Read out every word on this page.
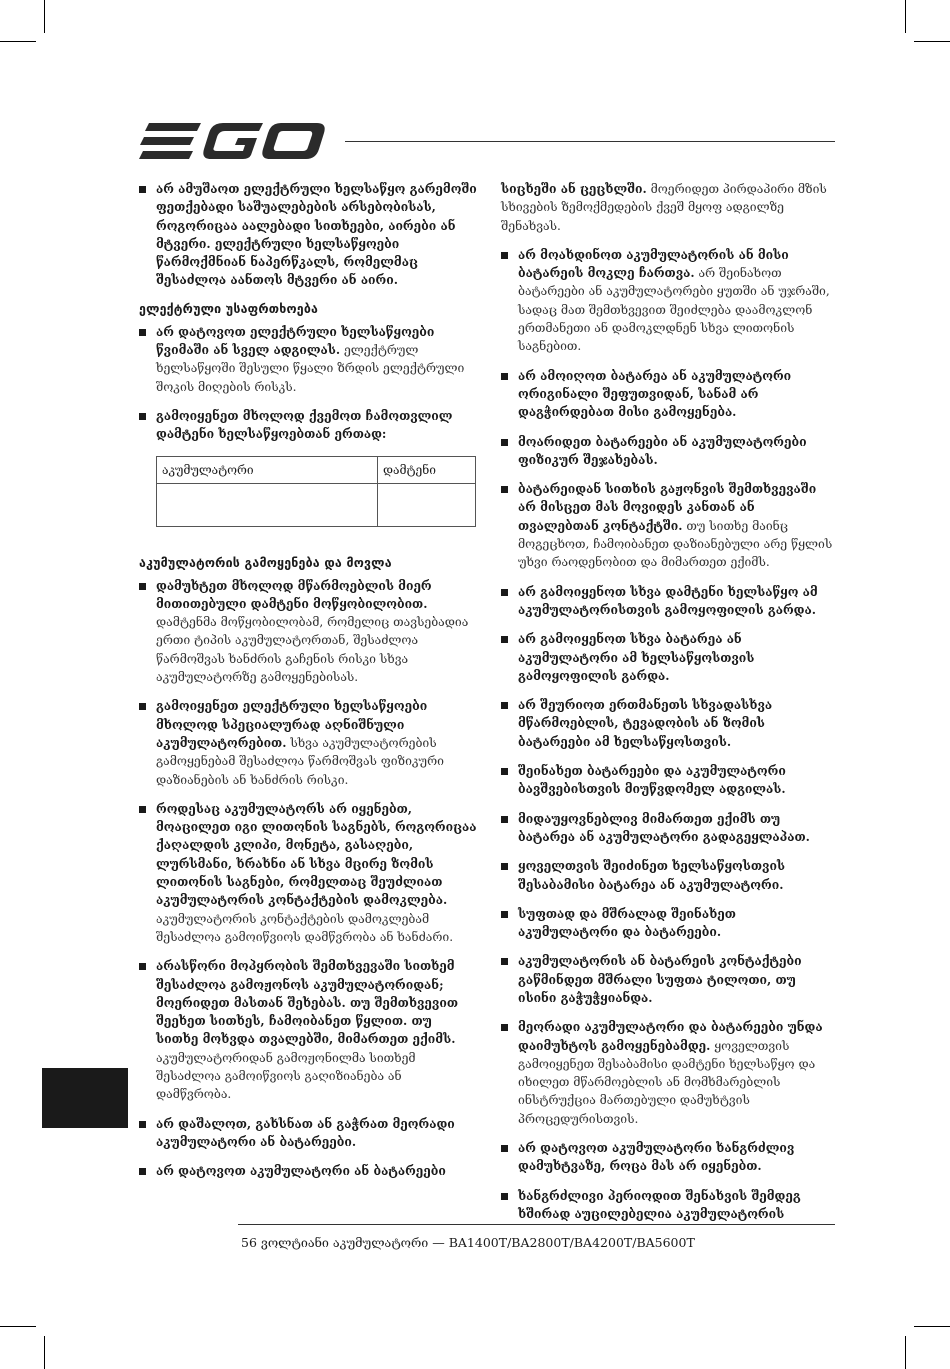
არ ამუშაოთ ელექტრული ხელსაწყო გარემოში ფეთქებადი საშუალებების არსებობისას, როგორიცაა აალებადი სითხეები, აირები ან მტვერი. ელექტრული ხელსაწყოები წარმოქმნიან ნაპერწკალს, რომელმაც შესაძლოა აანთოს მტვერი ან აირი.
ელექტრული უსაფრთხოება
არ დატოვოთ ელექტრული ხელსაწყოები წვიმაში ან სველ ადგილას. ელექტრულ ხელსაწყოში შესული წყალი ზრდის ელექტრული შოკის მიღების რისკს.
გამოიყენეთ მხოლოდ ქვემოთ ჩამოთვლილ დამტენი ხელსაწყოებთან ერთად:
აკუმულატორი	დამტენი

აკუმულატორის გამოყენება და მოვლა
დამუხტეთ მხოლოდ მწარმოებლის მიერ მითითებული დამტენი მოწყობილობით. დამტენმა მოწყობილობამ, რომელიც თავსებადია ერთი ტიპის აკუმულატორთან, შესაძლოა წარმოშვას ხანძრის გაჩენის რისკი სხვა აკუმულატორზე გამოყენებისას.
გამოიყენეთ ელექტრული ხელსაწყოები მხოლოდ სპეციალურად აღნიშნული აკუმულატორებით. სხვა აკუმულატორების გამოყენებამ შესაძლოა წარმოშვას ფიზიკური დაზიანების ან ხანძრის რისკი.
როდესაც აკუმულატორს არ იყენებთ, მოაცილეთ იგი ლითონის საგნებს, როგორიცაა ქაღალდის კლიპი, მონეტა, გასაღები, ლურსმანი, ხრახნი ან სხვა მცირე ზომის ლითონის საგნები, რომელთაც შეუძლიათ აკუმულატორის კონტაქტების დამოკლება. აკუმულატორის კონტაქტების დამოკლებამ შესაძლოა გამოიწვიოს დამწვრობა ან ხანძარი.
არასწორი მოპყრობის შემთხვევაში სითხემ შესაძლოა გამოჟონოს აკუმულატორიდან; მოერიდეთ მასთან შეხებას. თუ შემთხვევით შეეხეთ სითხეს, ჩამოიბანეთ წყლით. თუ სითხე მოხვდა თვალებში, მიმართეთ ექიმს. აკუმულატორიდან გამოჟონილმა სითხემ შესაძლოა გამოიწვიოს გაღიზიანება ან დამწვრობა.
არ დაშალოთ, გახსნათ ან გაჭრათ მეორადი აკუმულატორი ან ბატარეები.
არ დატოვოთ აკუმულატორი ან ბატარეები
სიცხეში ან ცეცხლში. მოერიდეთ პირდაპირი მზის სხივების ზემოქმედების ქვეშ მყოფ ადგილზე შენახვას.
არ მოახდინოთ აკუმულატორის ან მისი ბატარეის მოკლე ჩართვა. არ შეინახოთ ბატარეები ან აკუმულატორები ყუთში ან უჯრაში, სადაც მათ შემთხვევით შეიძლება დაამოკლონ ერთმანეთი ან დამოკლდნენ სხვა ლითონის საგნებით.
არ ამოიღოთ ბატარეა ან აკუმულატორი ორიგინალი შეფუთვიდან, სანამ არ დაგჭირდებათ მისი გამოყენება.
მოარიდეთ ბატარეები ან აკუმულატორები ფიზიკურ შეჯახებას.
ბატარეიდან სითხის გაჟონვის შემთხვევაში არ მისცეთ მას მოვიდეს კანთან ან თვალებთან კონტაქტში. თუ სითხე მაინც მოგეცხოთ, ჩამოიბანეთ დაზიანებული არე წყლის უხვი რაოდენობით და მიმართეთ ექიმს.
არ გამოიყენოთ სხვა დამტენი ხელსაწყო ამ აკუმულატორისთვის გამოყოფილის გარდა.
არ გამოიყენოთ სხვა ბატარეა ან აკუმულატორი ამ ხელსაწყოსთვის გამოყოფილის გარდა.
არ შეურიოთ ერთმანეთს სხვადასხვა მწარმოებლის, ტევადობის ან ზომის ბატარეები ამ ხელსაწყოსთვის.
შეინახეთ ბატარეები და აკუმულატორი ბავშვებისთვის მიუწვდომელ ადგილას.
მიდაუყოვნებლივ მიმართეთ ექიმს თუ ბატარეა ან აკუმულატორი გადაგეყლაპათ.
ყოველთვის შეიძინეთ ხელსაწყოსთვის შესაბამისი ბატარეა ან აკუმულატორი.
სუფთად და მშრალად შეინახეთ აკუმულატორი და ბატარეები.
აკუმულატორის ან ბატარეის კონტაქტები გაწმინდეთ მშრალი სუფთა ტილოთი, თუ ისინი გაჭუჭყიანდა.
მეორადი აკუმულატორი და ბატარეები უნდა დაიმუხტოს გამოყენებამდე. ყოველთვის გამოიყენეთ შესაბამისი დამტენი ხელსაწყო და იხილეთ მწარმოებლის ან მომხმარებლის ინსტრუქცია მართებული დამუხტვის პროცედურისთვის.
არ დატოვოთ აკუმულატორი ხანგრძლივ დამუხტვაზე, როცა მას არ იყენებთ.
ხანგრძლივი პერიოდით შენახვის შემდეგ ხშირად აუცილებელია აკუმულატორის
56 ვოლტიანი აკუმულატორი — BA1400T/BA2800T/BA4200T/BA5600T
